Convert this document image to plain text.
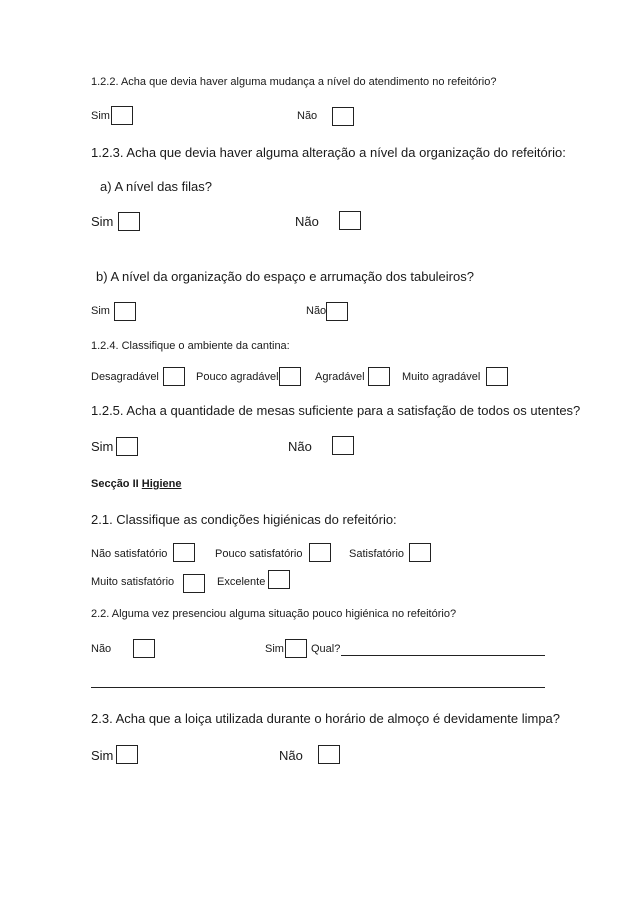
1.2.2. Acha que devia haver alguma mudança a nível do atendimento no refeitório?
Sim	Não
1.2.3. Acha que devia haver alguma alteração a nível da organização do refeitório:
a) A nível das filas?
Sim	Não
b) A nível da organização do espaço e arrumação dos tabuleiros?
Sim	Não
1.2.4. Classifique o ambiente da cantina:
Desagradável	Pouco agradável	Agradável	Muito agradável
1.2.5. Acha a quantidade de mesas suficiente para a satisfação de todos os utentes?
Sim	Não
Secção II Higiene
2.1. Classifique as condições higiénicas do refeitório:
Não satisfatório	Pouco satisfatório	Satisfatório
Muito satisfatório	Excelente
2.2. Alguma vez presenciou alguma situação pouco higiénica no refeitório?
Não	Sim Qual?
2.3. Acha que a loiça utilizada durante o horário de almoço é devidamente limpa?
Sim	Não
